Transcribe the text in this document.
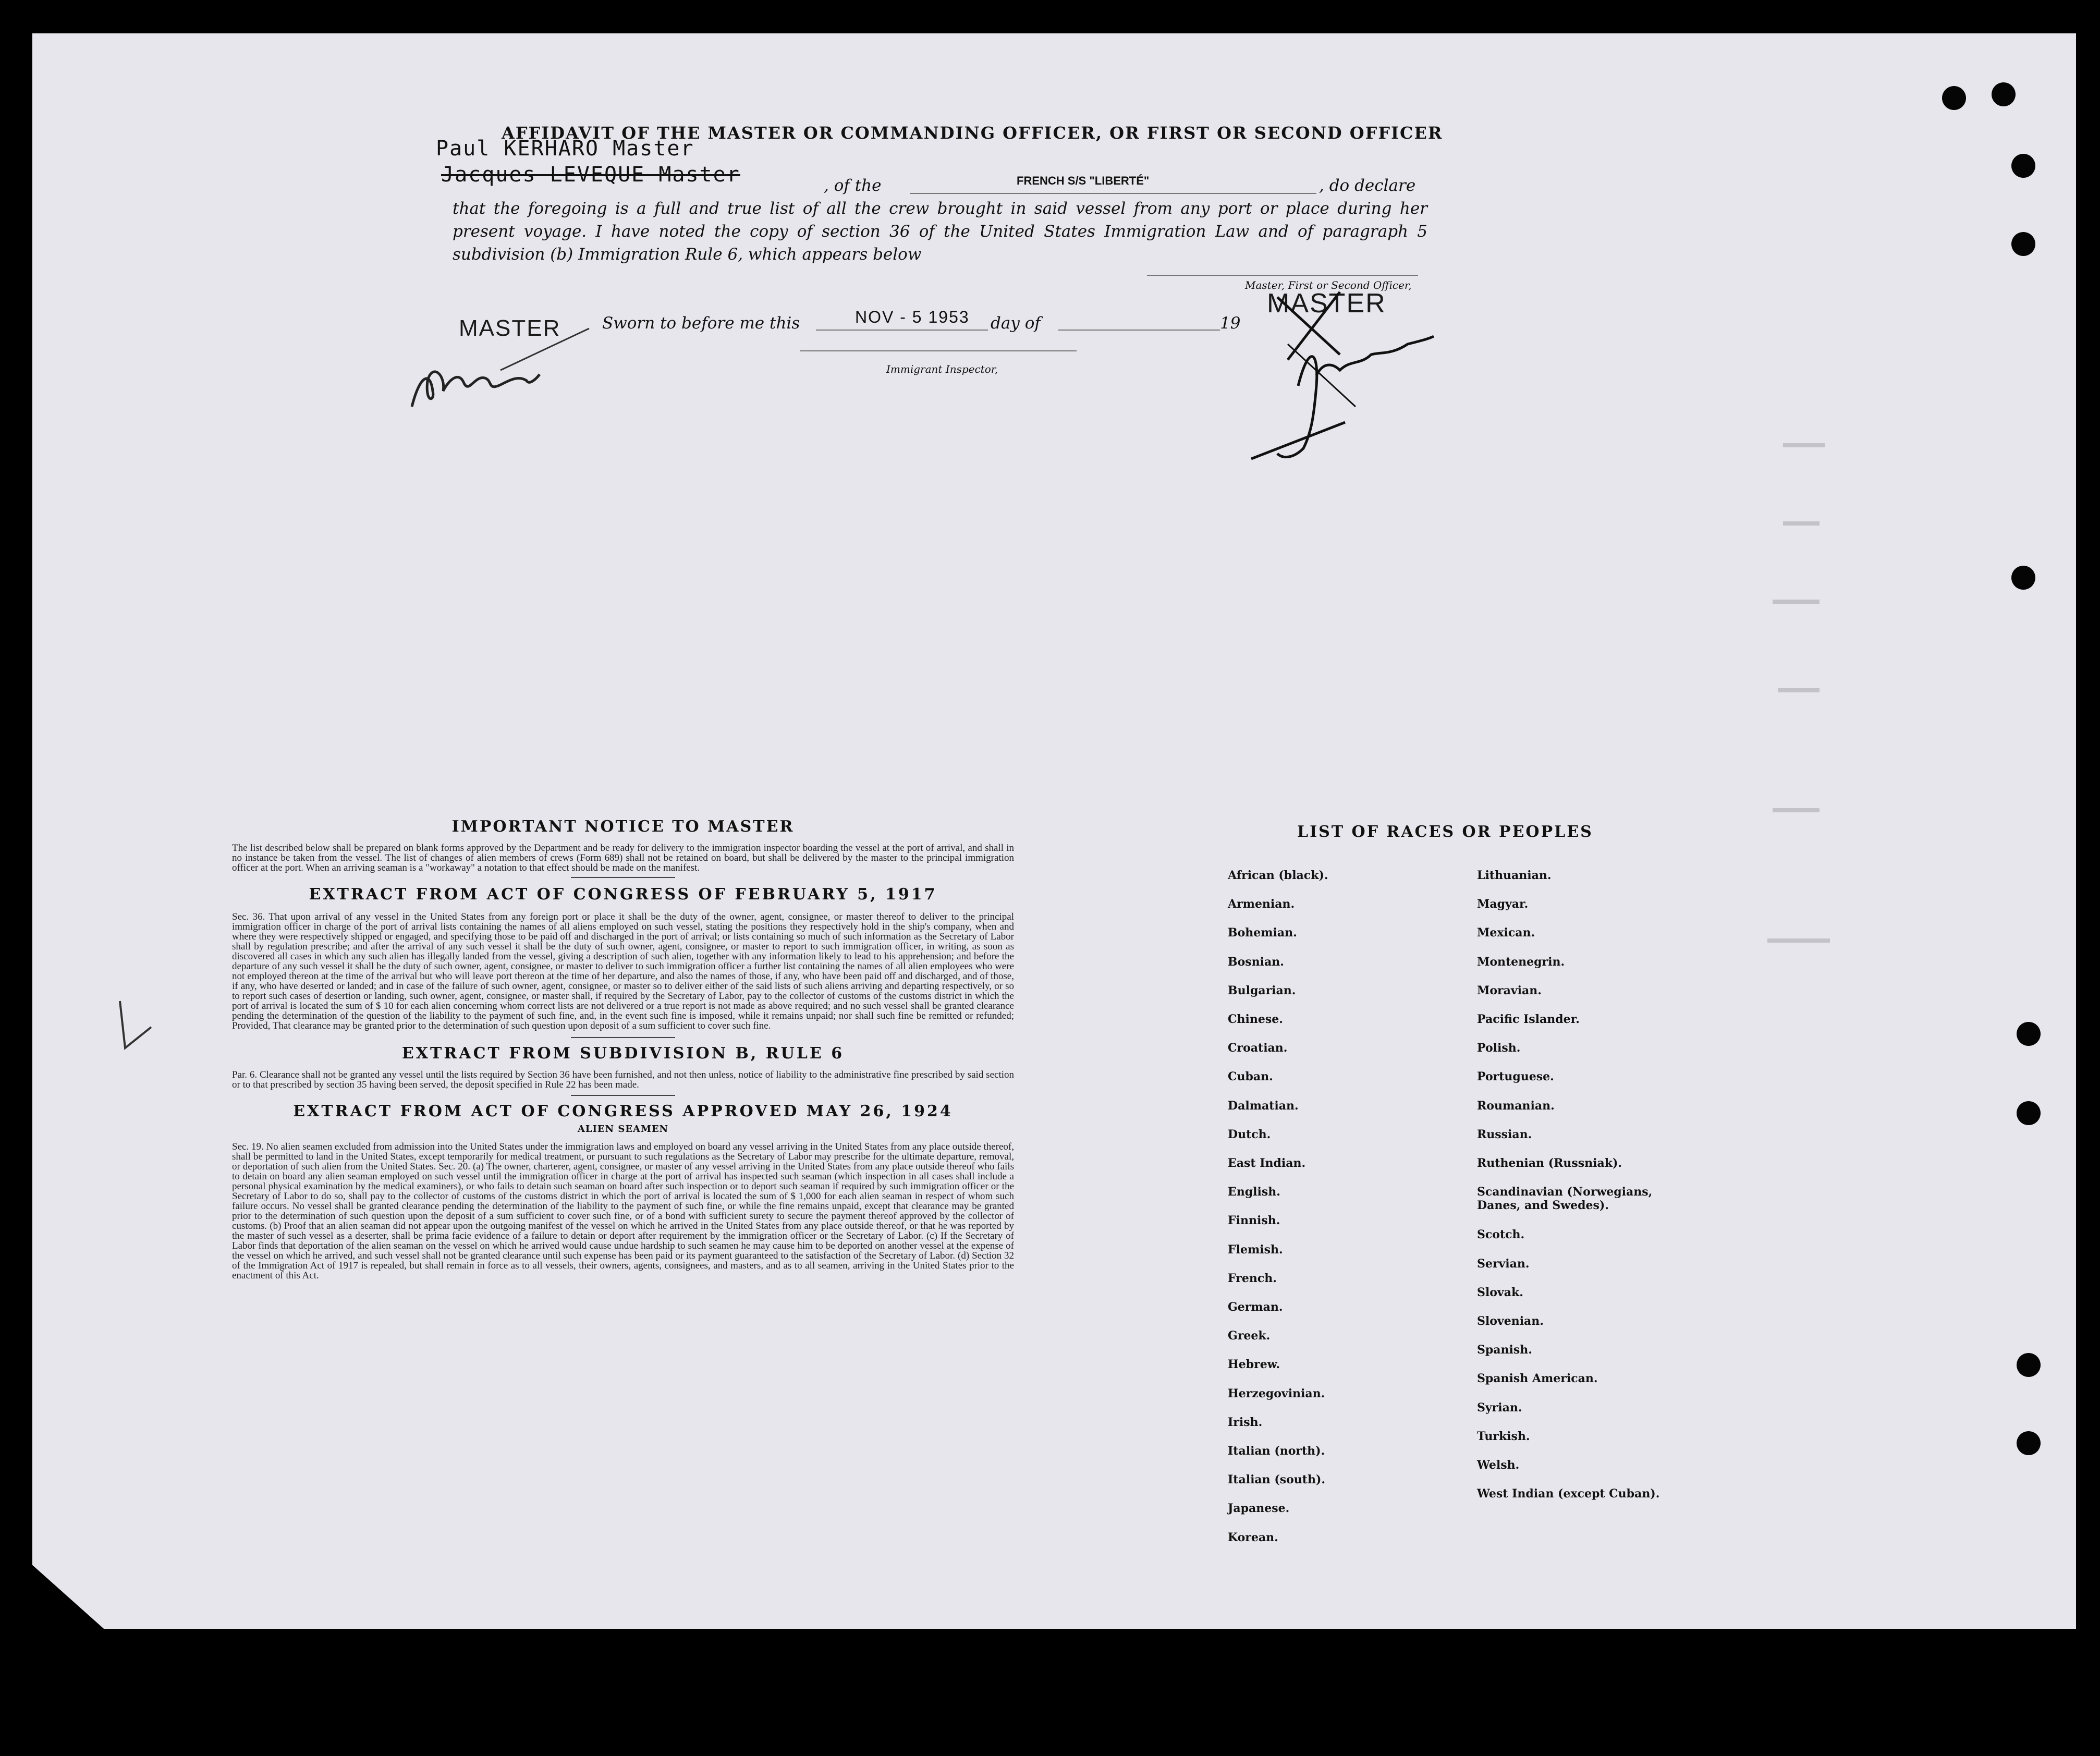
AFFIDAVIT OF THE MASTER OR COMMANDING OFFICER, OR FIRST OR SECOND OFFICER
Paul KERHARO Master
Jacques LEVEQUE Master	, of the	FRENCH S/S "LIBERTÉ"	, do declare
that the foregoing is a full and true list of all the crew brought in said vessel from any port or place during her present voyage. I have noted the copy of section 36 of the United States Immigration Law and of paragraph 5 subdivision (b) Immigration Rule 6, which appears below
Master, First or Second Officer,
MASTER
MASTER
Sworn to before me this	NOV - 5 1953 day of	19
Immigrant Inspector,
IMPORTANT NOTICE TO MASTER
The list described below shall be prepared on blank forms approved by the Department and be ready for delivery to the immigration inspector boarding the vessel at the port of arrival, and shall in no instance be taken from the vessel. The list of changes of alien members of crews (Form 689) shall not be retained on board, but shall be delivered by the master to the principal immigration officer at the port. When an arriving seaman is a "workaway" a notation to that effect should be made on the manifest.
EXTRACT FROM ACT OF CONGRESS OF FEBRUARY 5, 1917
Sec. 36. That upon arrival of any vessel in the United States from any foreign port or place it shall be the duty of the owner, agent, consignee, or master thereof to deliver to the principal immigration officer in charge of the port of arrival lists containing the names of all aliens employed on such vessel, stating the positions they respectively hold in the ship's company, when and where they were respectively shipped or engaged, and specifying those to be paid off and discharged in the port of arrival; or lists containing so much of such information as the Secretary of Labor shall by regulation prescribe; and after the arrival of any such vessel it shall be the duty of such owner, agent, consignee, or master to report to such immigration officer, in writing, as soon as discovered all cases in which any such alien has illegally landed from the vessel, giving a description of such alien, together with any information likely to lead to his apprehension; and before the departure of any such vessel it shall be the duty of such owner, agent, consignee, or master to deliver to such immigration officer a further list containing the names of all alien employees who were not employed thereon at the time of the arrival but who will leave port thereon at the time of her departure, and also the names of those, if any, who have been paid off and discharged, and of those, if any, who have deserted or landed; and in case of the failure of such owner, agent, consignee, or master so to deliver either of the said lists of such aliens arriving and departing respectively, or so to report such cases of desertion or landing, such owner, agent, consignee, or master shall, if required by the Secretary of Labor, pay to the collector of customs of the customs district in which the port of arrival is located the sum of $ 10 for each alien concerning whom correct lists are not delivered or a true report is not made as above required; and no such vessel shall be granted clearance pending the determination of the question of the liability to the payment of such fine, and, in the event such fine is imposed, while it remains unpaid; nor shall such fine be remitted or refunded; Provided, That clearance may be granted prior to the determination of such question upon deposit of a sum sufficient to cover such fine.
EXTRACT FROM SUBDIVISION B, RULE 6
Par. 6. Clearance shall not be granted any vessel until the lists required by Section 36 have been furnished, and not then unless, notice of liability to the administrative fine prescribed by said section or to that prescribed by section 35 having been served, the deposit specified in Rule 22 has been made.
EXTRACT FROM ACT OF CONGRESS APPROVED MAY 26, 1924
ALIEN SEAMEN
Sec. 19. No alien seamen excluded from admission into the United States under the immigration laws and employed on board any vessel arriving in the United States from any place outside thereof, shall be permitted to land in the United States, except temporarily for medical treatment, or pursuant to such regulations as the Secretary of Labor may prescribe for the ultimate departure, removal, or deportation of such alien from the United States. Sec. 20. (a) The owner, charterer, agent, consignee, or master of any vessel arriving in the United States from any place outside thereof who fails to detain on board any alien seaman employed on such vessel until the immigration officer in charge at the port of arrival has inspected such seaman (which inspection in all cases shall include a personal physical examination by the medical examiners), or who fails to detain such seaman on board after such inspection or to deport such seaman if required by such immigration officer or the Secretary of Labor to do so, shall pay to the collector of customs of the customs district in which the port of arrival is located the sum of $ 1,000 for each alien seaman in respect of whom such failure occurs. No vessel shall be granted clearance pending the determination of the liability to the payment of such fine, or while the fine remains unpaid, except that clearance may be granted prior to the determination of such question upon the deposit of a sum sufficient to cover such fine, or of a bond with sufficient surety to secure the payment thereof approved by the collector of customs. (b) Proof that an alien seaman did not appear upon the outgoing manifest of the vessel on which he arrived in the United States from any place outside thereof, or that he was reported by the master of such vessel as a deserter, shall be prima facie evidence of a failure to detain or deport after requirement by the immigration officer or the Secretary of Labor. (c) If the Secretary of Labor finds that deportation of the alien seaman on the vessel on which he arrived would cause undue hardship to such seamen he may cause him to be deported on another vessel at the expense of the vessel on which he arrived, and such vessel shall not be granted clearance until such expense has been paid or its payment guaranteed to the satisfaction of the Secretary of Labor. (d) Section 32 of the Immigration Act of 1917 is repealed, but shall remain in force as to all vessels, their owners, agents, consignees, and masters, and as to all seamen, arriving in the United States prior to the enactment of this Act.
LIST OF RACES OR PEOPLES
African (black).
Armenian.
Bohemian.
Bosnian.
Bulgarian.
Chinese.
Croatian.
Cuban.
Dalmatian.
Dutch.
East Indian.
English.
Finnish.
Flemish.
French.
German.
Greek.
Hebrew.
Herzegovinian.
Irish.
Italian (north).
Italian (south).
Japanese.
Korean.
Lithuanian.
Magyar.
Mexican.
Montenegrin.
Moravian.
Pacific Islander.
Polish.
Portuguese.
Roumanian.
Russian.
Ruthenian (Russniak).
Scandinavian (Norwegians, Danes, and Swedes).
Scotch.
Servian.
Slovak.
Slovenian.
Spanish.
Spanish American.
Syrian.
Turkish.
Welsh.
West Indian (except Cuban).
